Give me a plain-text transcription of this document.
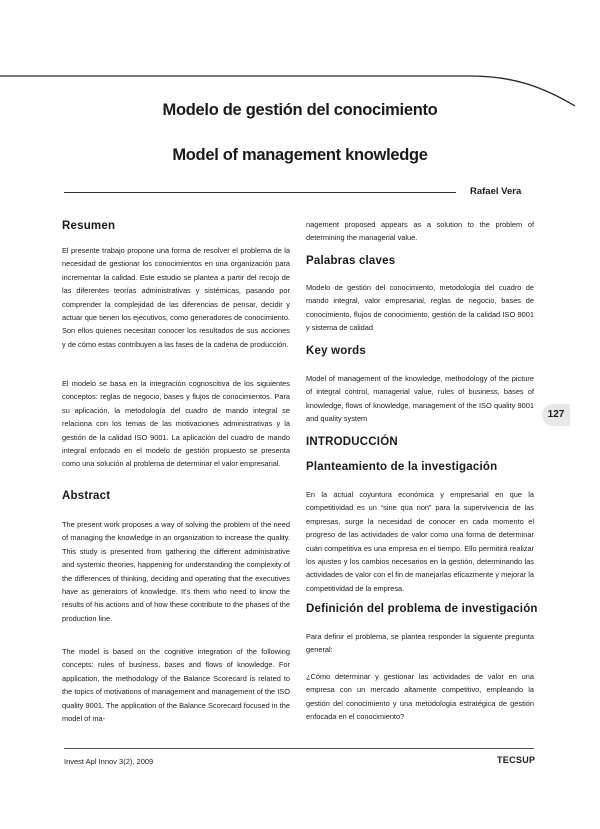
Modelo de gestión del conocimiento
Model of management knowledge
Rafael Vera
Resumen

El presente trabajo propone una forma de resolver el problema de la necesidad de gestionar los conocimientos en una organización para incrementar la calidad. Este estudio se plantea a partir del recojo de las diferentes teorías administrativas y sistémicas, pasando por comprender la complejidad de las diferencias de pensar, decidir y actuar que tienen los ejecutivos, como generadores de conocimiento. Son ellos quienes necesitan conocer los resultados de sus acciones y de cómo estas contribuyen a las fases de la cadena de producción.

El modelo se basa en la integración cognoscitiva de los siguientes conceptos: reglas de negocio, bases y flujos de conocimientos. Para su aplicación, la metodología del cuadro de mando integral se relaciona con los temas de las motivaciones administrativas y la gestión de la calidad ISO 9001. La aplicación del cuadro de mando integral enfocado en el modelo de gestión propuesto se presenta como una solución al problema de determinar el valor empresarial.

Abstract

The present work proposes a way of solving the problem of the need of managing the knowledge in an organization to increase the quality. This study is presented from gathering the different administrative and systemic theories, happening for understanding the complexity of the differences of thinking, deciding and operating that the executives have as generators of knowledge. It's them who need to know the results of his actions and of how these contribute to the phases of the production line.

The model is based on the cognitive integration of the following concepts: rules of business, bases and flows of knowledge. For application, the methodology of the Balance Scorecard is related to the topics of motivations of management and management of the ISO quality 9001. The application of the Balance Scorecard focused in the model of ma-

nagement proposed appears as a solution to the problem of determining the managerial value.

Palabras claves

Modelo de gestión del conocimiento, metodología del cuadro de mando integral, valor empresarial, reglas de negocio, bases de conocimiento, flujos de conocimiento, gestión de la calidad ISO 9001 y sistema de calidad

Key words

Model of management of the knowledge, methodology of the picture of integral control, managerial value, rules of business, bases of knowledge, flows of knowledge, management of the ISO quality 9001 and quality system

INTRODUCCIÓN
Planteamiento de la investigación

En la actual coyuntura económica y empresarial en que la competitividad es un “sine qua non” para la supervivencia de las empresas, surge la necesidad de conocer en cada momento el progreso de las actividades de valor como una forma de determinar cuán competitiva es una empresa en el tiempo. Ello permitirá realizar los ajustes y los cambios necesarios en la gestión, determinando las actividades de valor con el fin de manejarlas eficazmente y mejorar la competitividad de la empresa.

Definición del problema de investigación

Para definir el problema, se plantea responder la siguiente pregunta general:

¿Cómo determinar y gestionar las actividades de valor en una empresa con un mercado altamente competitivo, empleando la gestión del conocimiento y una metodología estratégica de gestión enfocada en el conocimiento?

127
Invest Apl Innov 3(2), 2009	TECSUP
